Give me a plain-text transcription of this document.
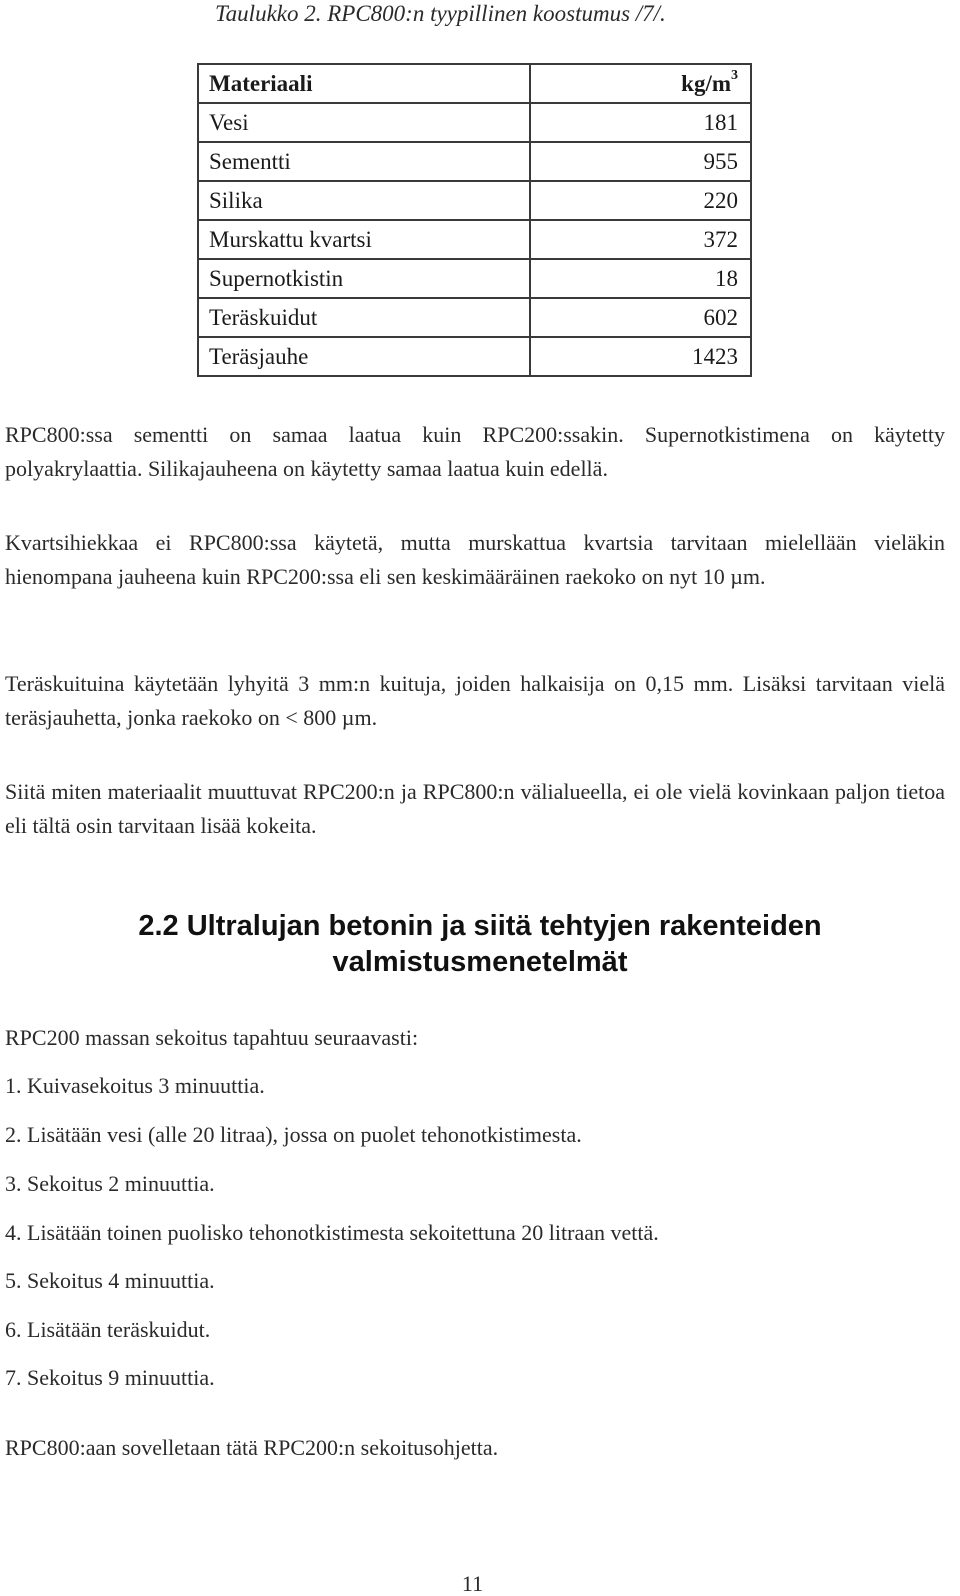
Taulukko 2. RPC800:n tyypillinen koostumus /7/.
Materiaali	$kg/m^3$
Vesi	181
Sementti	955
Silika	220
Murskattu kvartsi	372
Supernotkistin	18
Teräskuidut	602
Teräsjauhe	1423
RPC800:ssa sementti on samaa laatua kuin RPC200:ssakin. Supernotkistimena on käytetty polyakrylaattia. Silikajauheena on käytetty samaa laatua kuin edellä.
Kvartsihiekkaa ei RPC800:ssa käytetä, mutta murskattua kvartsia tarvitaan mielellään vieläkin hienompana jauheena kuin RPC200:ssa eli sen keskimääräinen raekoko on nyt 10 µm.
Teräskuituina käytetään lyhyitä 3 mm:n kuituja, joiden halkaisija on 0,15 mm. Lisäksi tarvitaan vielä teräsjauhetta, jonka raekoko on < 800 µm.
Siitä miten materiaalit muuttuvat RPC200:n ja RPC800:n välialueella, ei ole vielä kovinkaan paljon tietoa eli tältä osin tarvitaan lisää kokeita.
2.2 Ultralujan betonin ja siitä tehtyjen rakenteiden
valmistusmenetelmät
RPC200 massan sekoitus tapahtuu seuraavasti:
1. Kuivasekoitus 3 minuuttia.
2. Lisätään vesi (alle 20 litraa), jossa on puolet tehonotkistimesta.
3. Sekoitus 2 minuuttia.
4. Lisätään toinen puolisko tehonotkistimesta sekoitettuna 20 litraan vettä.
5. Sekoitus 4 minuuttia.
6. Lisätään teräskuidut.
7. Sekoitus 9 minuuttia.
RPC800:aan sovelletaan tätä RPC200:n sekoitusohjetta.
11
